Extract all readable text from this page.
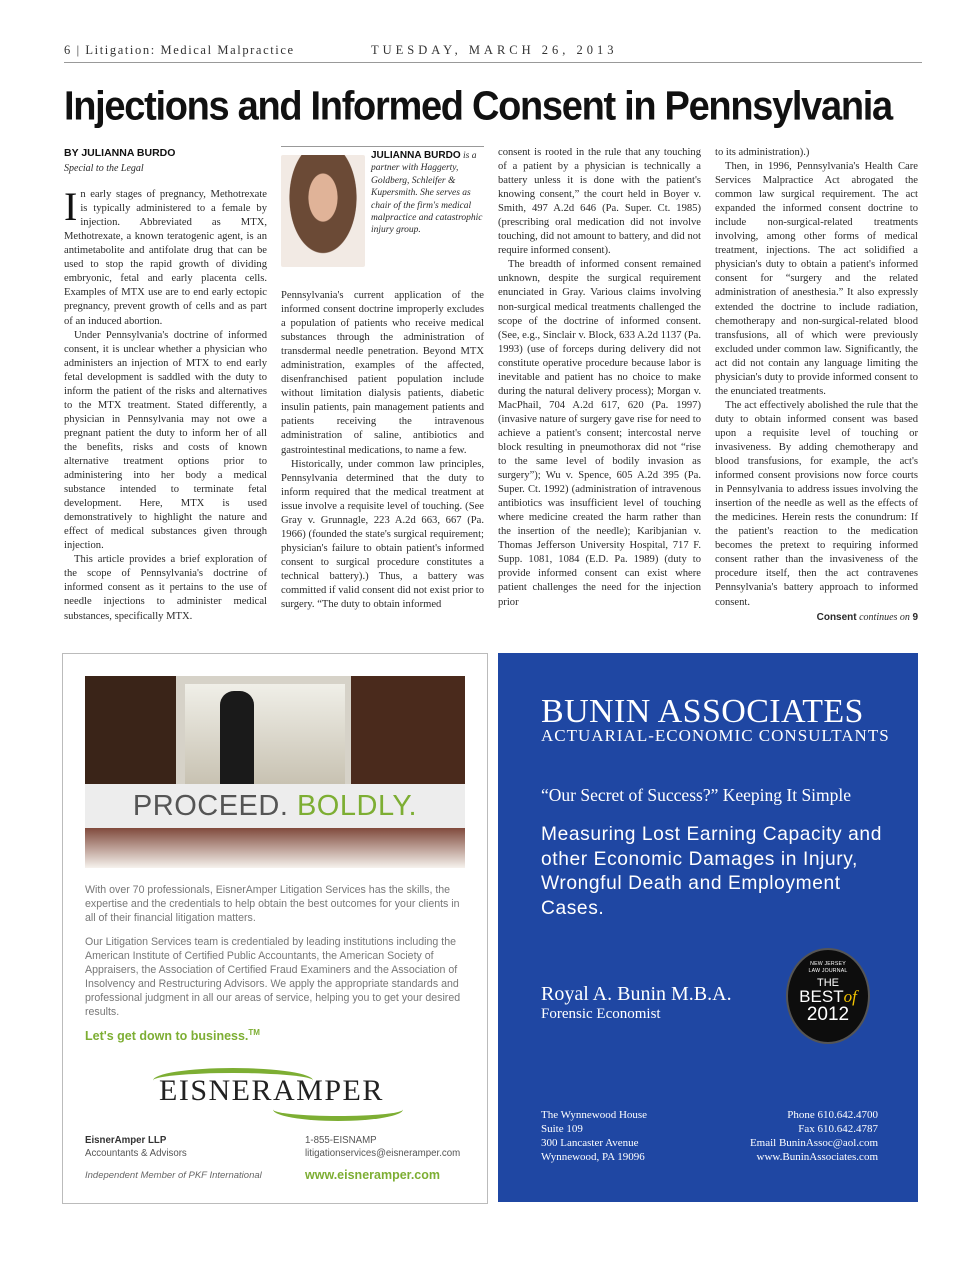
6 | Litigation: Medical Malpractice	TUESDAY, MARCH 26, 2013
Injections and Informed Consent in Pennsylvania
BY JULIANNA BURDO
Special to the Legal

In early stages of pregnancy, Methotrexate is typically administered to a female by injection. Abbreviated as MTX, Methotrexate, a known teratogenic agent, is an antimetabolite and antifolate drug that can be used to stop the rapid growth of dividing embryonic, fetal and early placenta cells. Examples of MTX use are to end early ectopic pregnancy, prevent growth of cells and as part of an induced abortion.

Under Pennsylvania's doctrine of informed consent, it is unclear whether a physician who administers an injection of MTX to end early fetal development is saddled with the duty to inform the patient of the risks and alternatives to the MTX treatment. Stated differently, a physician in Pennsylvania may not owe a pregnant patient the duty to inform her of all the benefits, risks and costs of known alternative treatment options prior to administering into her body a medical substance intended to terminate fetal development. Here, MTX is used demonstratively to highlight the nature and effect of medical substances given through injection.

This article provides a brief exploration of the scope of Pennsylvania's doctrine of informed consent as it pertains to the use of needle injections to administer medical substances, specifically MTX.

JULIANNA BURDO is a partner with Haggerty, Goldberg, Schleifer & Kupersmith. She serves as chair of the firm's medical malpractice and catastrophic injury group.

Pennsylvania's current application of the informed consent doctrine improperly excludes a population of patients who receive medical substances through the administration of transdermal needle penetration. Beyond MTX administration, examples of the affected, disenfranchised patient population include without limitation dialysis patients, diabetic insulin patients, pain management patients and patients receiving the intravenous administration of saline, antibiotics and gastrointestinal medications, to name a few.

Historically, under common law principles, Pennsylvania determined that the duty to inform required that the medical treatment at issue involve a requisite level of touching. (See Gray v. Grunnagle, 223 A.2d 663, 667 (Pa. 1966) (founded the state's surgical requirement; physician's failure to obtain patient's informed consent to surgical procedure constitutes a technical battery).) Thus, a battery was committed if valid consent did not exist prior to surgery. “The duty to obtain informed

consent is rooted in the rule that any touching of a patient by a physician is technically a battery unless it is done with the patient's knowing consent,” the court held in Boyer v. Smith, 497 A.2d 646 (Pa. Super. Ct. 1985) (prescribing oral medication did not involve touching, did not amount to battery, and did not require informed consent).

The breadth of informed consent remained unknown, despite the surgical requirement enunciated in Gray. Various claims involving non-surgical medical treatments challenged the scope of the doctrine of informed consent. (See, e.g., Sinclair v. Block, 633 A.2d 1137 (Pa. 1993) (use of forceps during delivery did not constitute operative procedure because labor is inevitable and patient has no choice to make during the natural delivery process); Morgan v. MacPhail, 704 A.2d 617, 620 (Pa. 1997) (invasive nature of surgery gave rise for need to achieve a patient's consent; intercostal nerve block resulting in pneumothorax did not “rise to the same level of bodily invasion as surgery”); Wu v. Spence, 605 A.2d 395 (Pa. Super. Ct. 1992) (administration of intravenous antibiotics was insufficient level of touching where medicine created the harm rather than the insertion of the needle); Karibjanian v. Thomas Jefferson University Hospital, 717 F. Supp. 1081, 1084 (E.D. Pa. 1989) (duty to provide informed consent can exist where patient challenges the need for the injection prior

to its administration).)

Then, in 1996, Pennsylvania's Health Care Services Malpractice Act abrogated the common law surgical requirement. The act expanded the informed consent doctrine to include non-surgical-related treatments involving, among other forms of medical treatment, injections. The act solidified a physician's duty to obtain a patient's informed consent for “surgery and the related administration of anesthesia.” It also expressly extended the doctrine to include radiation, chemotherapy and non-surgical-related blood transfusions, all of which were previously excluded under common law. Significantly, the act did not contain any language limiting the physician's duty to provide informed consent to the enunciated treatments.

The act effectively abolished the rule that the duty to obtain informed consent was based upon a requisite level of touching or invasiveness. By adding chemotherapy and blood transfusions, for example, the act's informed consent provisions now force courts in Pennsylvania to address issues involving the insertion of the needle as well as the effects of the medicines. Herein rests the conundrum: If the patient's reaction to the medication becomes the pretext to requiring informed consent rather than the invasiveness of the procedure itself, then the act contravenes Pennsylvania's battery approach to informed consent.

Consent continues on 9
PROCEED. BOLDLY.
With over 70 professionals, EisnerAmper Litigation Services has the skills, the expertise and the credentials to help obtain the best outcomes for your clients in all of their financial litigation matters.
Our Litigation Services team is credentialed by leading institutions including the American Institute of Certified Public Accountants, the American Society of Appraisers, the Association of Certified Fraud Examiners and the Association of Insolvency and Restructuring Advisors. We apply the appropriate standards and professional judgment in all our areas of service, helping you to get your desired results.
Let's get down to business.™
EISNERAMPER
EisnerAmper LLP
Accountants & Advisors
1-855-EISNAMP
litigationservices@eisneramper.com
Independent Member of PKF International	www.eisneramper.com
BUNIN ASSOCIATES
ACTUARIAL-ECONOMIC CONSULTANTS
“Our Secret of Success?” Keeping It Simple
Measuring Lost Earning Capacity and other Economic Damages in Injury, Wrongful Death and Employment Cases.
Royal A. Bunin M.B.A.
Forensic Economist
NEW JERSEY
LAW JOURNAL
THE
BESTof
2012
The Wynnewood House
Suite 109
300 Lancaster Avenue
Wynnewood, PA 19096
Phone 610.642.4700
Fax 610.642.4787
Email BuninAssoc@aol.com
www.BuninAssociates.com
